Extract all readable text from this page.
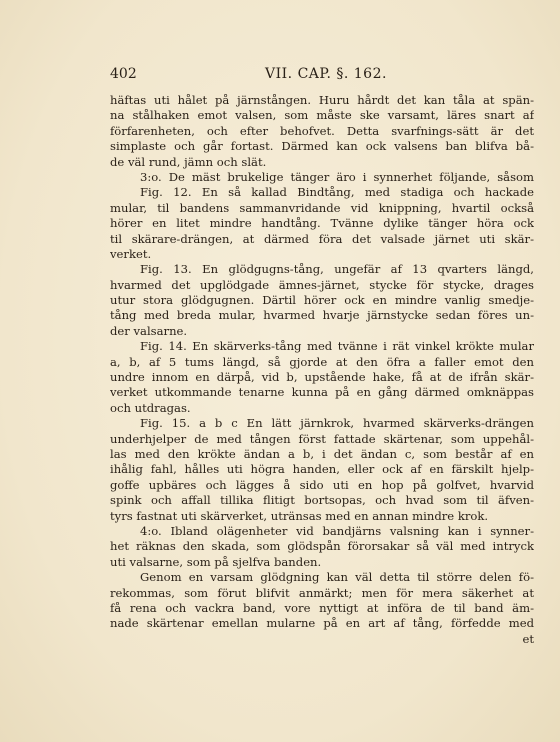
402	VII. CAP. §. 162.
häftas uti hålet på järnstången. Huru hårdt det kan tåla at spän-
na stålhaken emot valsen, som måste ske varsamt, läres snart af
förfarenheten, och efter behofvet. Detta svarfnings-sätt är det
simplaste och går fortast. Därmed kan ock valsens ban blifva bå-
de väl rund, jämn och slät.
3:o. De mäst brukelige tänger äro i synnerhet följande, såsom
Fig. 12. En så kallad Bindtång, med stadiga och hackade
mular, til bandens sammanvridande vid knippning, hvartil också
hörer en litet mindre handtång. Tvänne dylike tänger höra ock
til skärare-drängen, at därmed föra det valsade järnet uti skär-
verket.
Fig. 13. En glödgugns-tång, ungefär af 13 qvarters längd,
hvarmed det upglödgade ämnes-järnet, stycke för stycke, drages
utur stora glödgugnen. Därtil hörer ock en mindre vanlig smedje-
tång med breda mular, hvarmed hvarje järnstycke sedan föres un-
der valsarne.
Fig. 14. En skärverks-tång med tvänne i rät vinkel krökte mular
a, b, af 5 tums längd, så gjorde at den öfra a faller emot den
undre innom en därpå, vid b, upstående hake, få at de ifrån skär-
verket utkommande tenarne kunna på en gång därmed omknäppas
och utdragas.
Fig. 15. a b c En lätt järnkrok, hvarmed skärverks-drängen
underhjelper de med tången först fattade skärtenar, som uppehål-
las med den krökte ändan a b, i det ändan c, som består af en
ihålig fahl, hålles uti högra handen, eller ock af en färskilt hjelp-
goffe upbäres och lägges å sido uti en hop på golfvet, hvarvid
spink och affall tillika flitigt bortsopas, och hvad som til äfven-
tyrs fastnat uti skärverket, utränsas med en annan mindre krok.
4:o. Ibland olägenheter vid bandjärns valsning kan i synner-
het räknas den skada, som glödspån förorsakar så väl med intryck
uti valsarne, som på sjelfva banden.
Genom en varsam glödgning kan väl detta til större delen fö-
rekommas, som förut blifvit anmärkt; men för mera säkerhet at
få rena och vackra band, vore nyttigt at införa de til band äm-
nade skärtenar emellan mularne på en art af tång, förfedde med
et
